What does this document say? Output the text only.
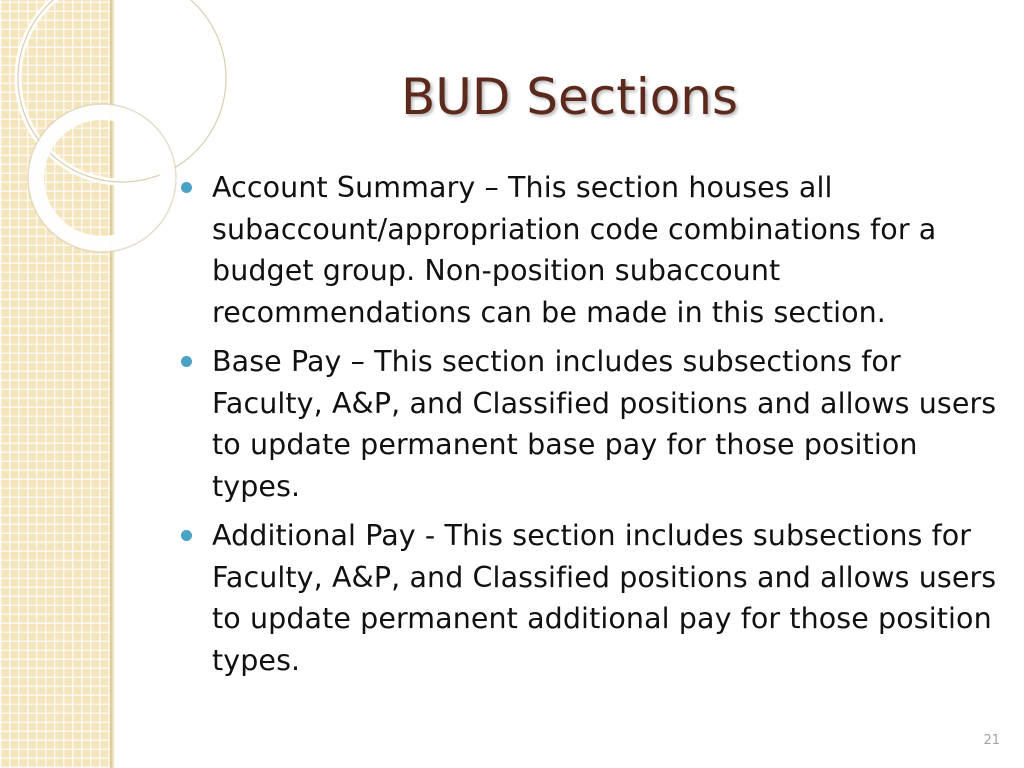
BUD Sections
Account Summary – This section houses all subaccount/appropriation code combinations for a budget group. Non-position subaccount recommendations can be made in this section.
Base Pay – This section includes subsections for Faculty, A&P, and Classified positions and allows users to update permanent base pay for those position types.
Additional Pay - This section includes subsections for Faculty, A&P, and Classified positions and allows users to update permanent additional pay for those position types.
21
